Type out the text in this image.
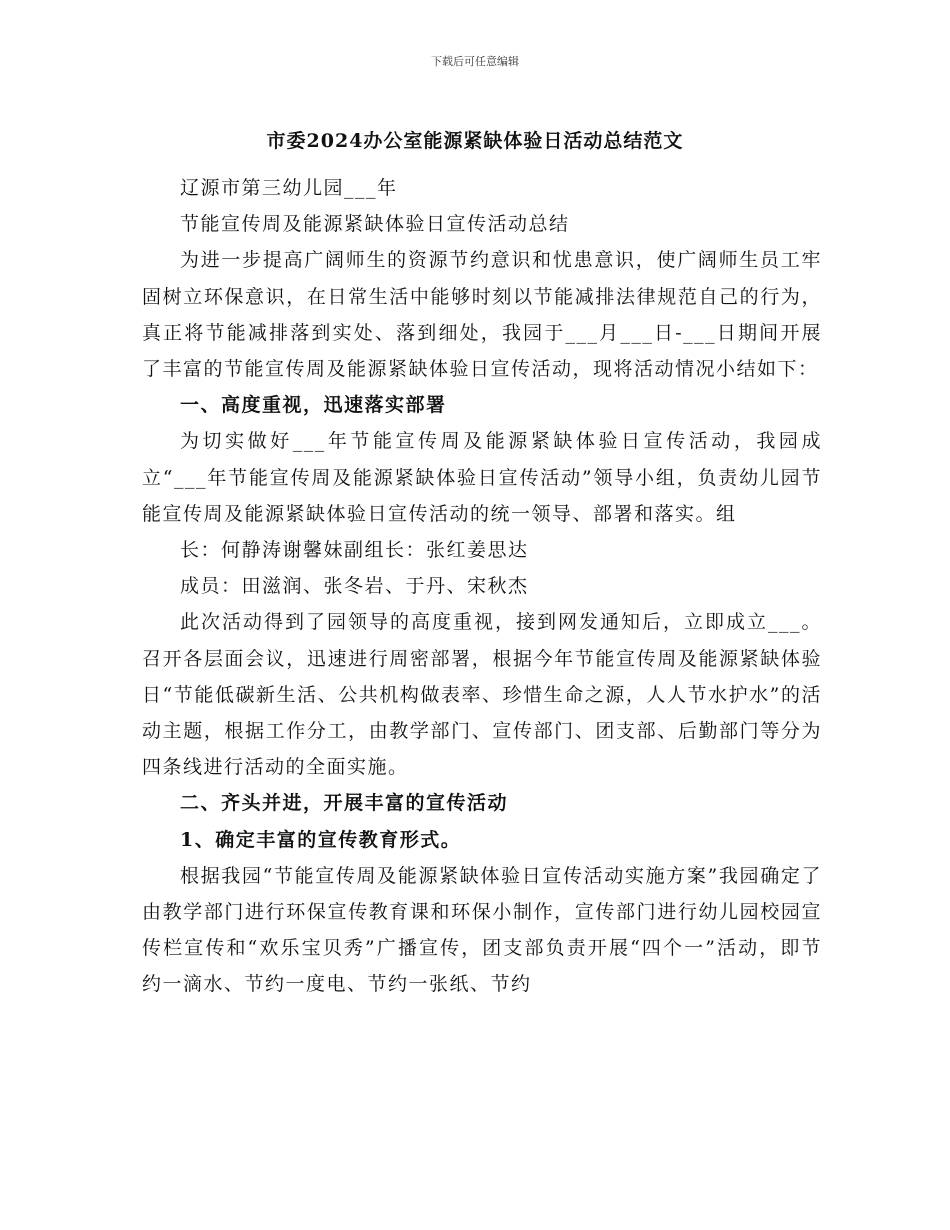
下载后可任意编辑
市委2024办公室能源紧缺体验日活动总结范文

辽源市第三幼儿园___年

节能宣传周及能源紧缺体验日宣传活动总结

为进一步提高广阔师生的资源节约意识和忧患意识，使广阔师生员工牢固树立环保意识，在日常生活中能够时刻以节能减排法律规范自己的行为，真正将节能减排落到实处、落到细处，我园于___月___日-___日期间开展了丰富的节能宣传周及能源紧缺体验日宣传活动，现将活动情况小结如下：

一、高度重视，迅速落实部署

为切实做好___年节能宣传周及能源紧缺体验日宣传活动，我园成立“___年节能宣传周及能源紧缺体验日宣传活动”领导小组，负责幼儿园节能宣传周及能源紧缺体验日宣传活动的统一领导、部署和落实。组

长：何静涛谢馨妹副组长：张红姜思达

成员：田滋润、张冬岩、于丹、宋秋杰

此次活动得到了园领导的高度重视，接到网发通知后，立即成立___。召开各层面会议，迅速进行周密部署，根据今年节能宣传周及能源紧缺体验日“节能低碳新生活、公共机构做表率、珍惜生命之源，人人节水护水”的活动主题，根据工作分工，由教学部门、宣传部门、团支部、后勤部门等分为四条线进行活动的全面实施。

二、齐头并进，开展丰富的宣传活动

1、确定丰富的宣传教育形式。

根据我园“节能宣传周及能源紧缺体验日宣传活动实施方案”我园确定了由教学部门进行环保宣传教育课和环保小制作，宣传部门进行幼儿园校园宣传栏宣传和“欢乐宝贝秀”广播宣传，团支部负责开展“四个一”活动，即节约一滴水、节约一度电、节约一张纸、节约
